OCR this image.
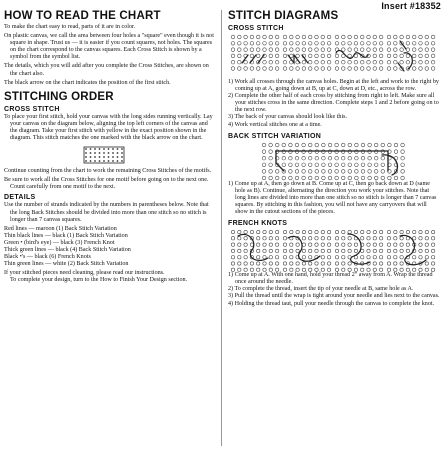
Insert #18352
HOW TO READ THE CHART

To make the chart easy to read, parts of it are in color.

On plastic canvas, we call the area between four holes a "square" even though it is not square in shape. Trust us — it is easier if you count squares, not holes. The squares on the chart correspond to the canvas squares. Each Cross Stitch is shown by a symbol from the symbol list.

The details, which you will add after you complete the Cross Stitches, are shown on the chart also.

The black arrow on the chart indicates the position of the first stitch.

STITCHING ORDER
CROSS STITCH

To place your first stitch, hold your canvas with the long sides running vertically. Lay your canvas on the diagram below, aligning the top left corners of the canvas and the diagram. Take your first stitch with yellow in the exact position shown in the diagram. This stitch matches the one marked with the black arrow on the chart.

Continue counting from the chart to work the remaining Cross Stitches of the motifs.

Be sure to work all the Cross Stitches for one motif before going on to the next one. Count carefully from one motif to the next.

DETAILS

Use the number of strands indicated by the numbers in parentheses below. Note that the long Back Stitches should be divided into more than one stitch so no stitch is longer than 7 canvas squares.

Red lines — maroon (1) Back Stitch Variation
Thin black lines — black (1) Back Stitch Variation
Green • (bird's eye) — black (3) French Knot
Thick green lines — black (4) Back Stitch Variation
Black •'s — black (6) French Knots
Thin green lines — white (2) Back Stitch Variation
If your stitched pieces need cleaning, please read our instructions.
To complete your design, turn to the How to Finish Your Design section.
STITCH DIAGRAMS
CROSS STITCH
1) Work all crosses through the canvas holes. Begin at the left and work to the right by coming up at A, going down at B, up at C, down at D, etc., across the row.
2) Complete the other half of each cross by stitching from right to left. Make sure all your stitches cross in the same direction. Complete steps 1 and 2 before going on to the next row.
3) The back of your canvas should look like this.
4) Work vertical stitches one at a time.
BACK STITCH VARIATION
1) Come up at A, then go down at B. Come up at C, then go back down at D (same hole as B). Continue, alternating the direction you work your stitches. Note that long lines are divided into more than one stitch so no stitch is longer than 7 canvas squares. By stitching in this fashion, you will not have any carryovers that will show in the cutout sections of the pieces.
FRENCH KNOTS
1) Come up at A. With one hand, hold your thread 2" away from A. Wrap the thread once around the needle.
2) To complete the thread, insert the tip of your needle at B, same hole as A.
3) Pull the thread until the wrap is tight around your needle and lies next to the canvas.
4) Holding the thread taut, pull your needle through the canvas to complete the knot.
